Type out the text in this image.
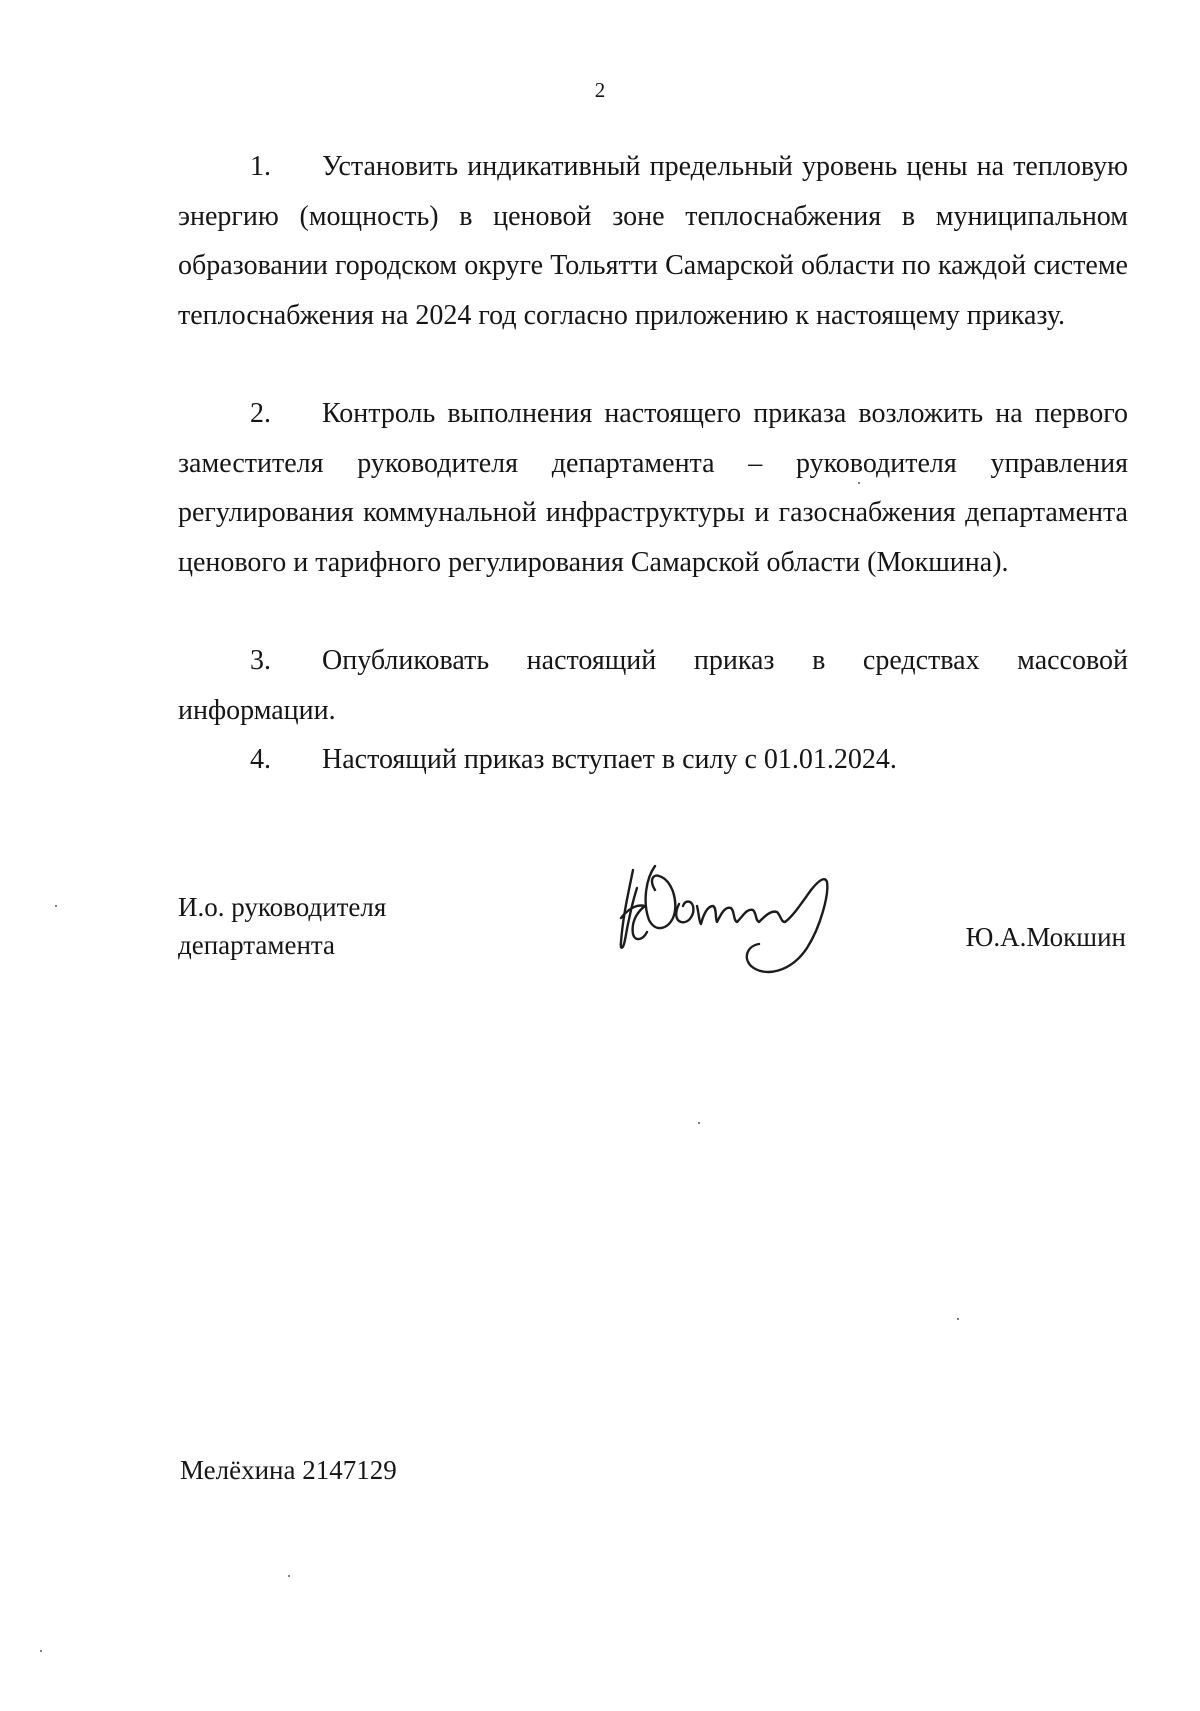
2

1. Установить индикативный предельный уровень цены на тепловую энергию (мощность) в ценовой зоне теплоснабжения в муниципальном образовании городском округе Тольятти Самарской области по каждой системе теплоснабжения на 2024 год согласно приложению к настоящему приказу.

2. Контроль выполнения настоящего приказа возложить на первого заместителя руководителя департамента – руководителя управления регулирования коммунальной инфраструктуры и газоснабжения департамента ценового и тарифного регулирования Самарской области (Мокшина).

3. Опубликовать настоящий приказ в средствах массовой информации.

4. Настоящий приказ вступает в силу с 01.01.2024.

И.о. руководителя
департамента	Ю.А.Мокшин
Мелёхина 2147129
